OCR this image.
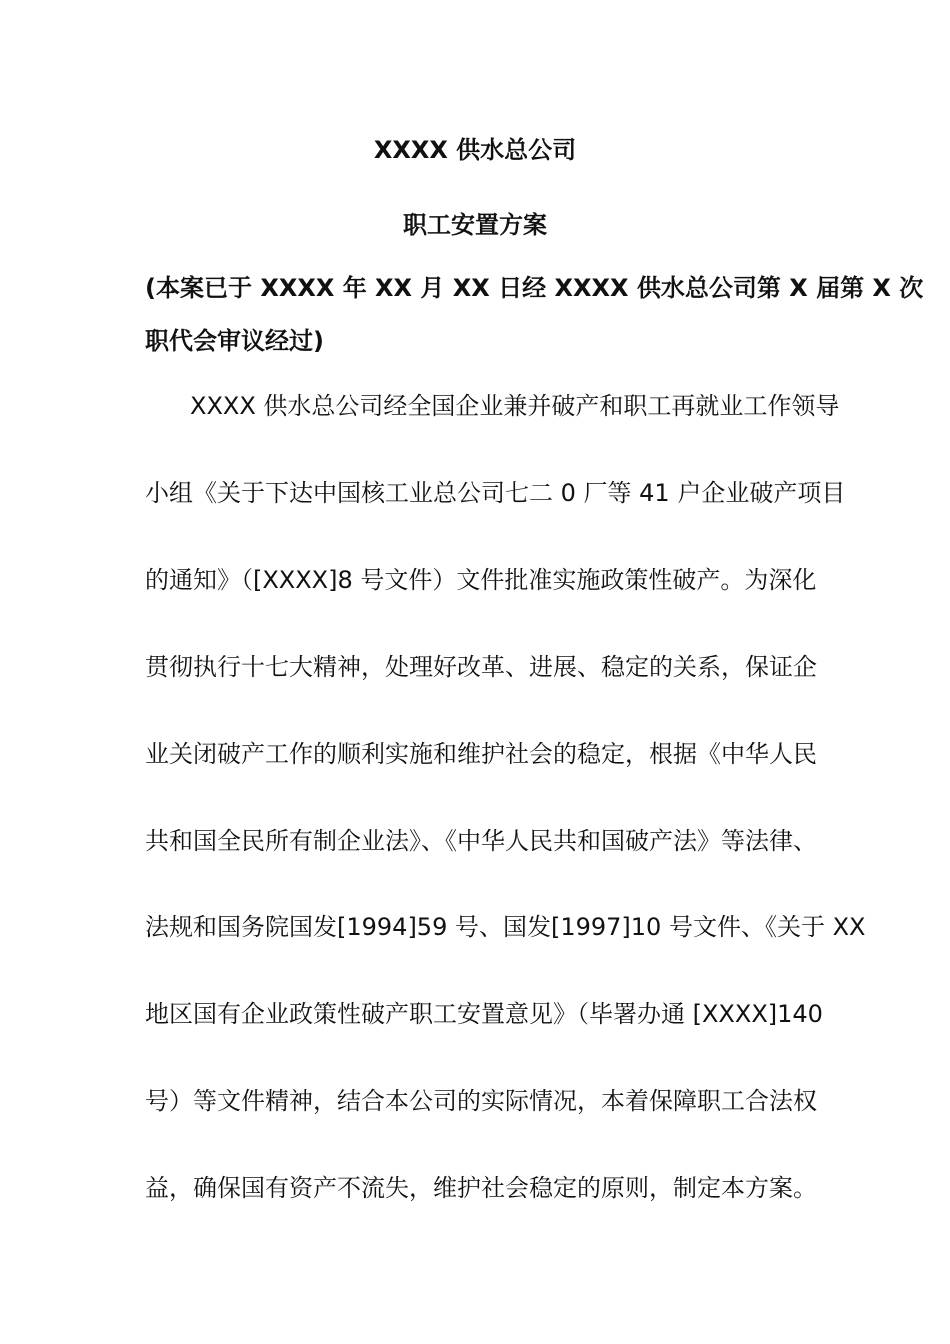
XXXX 供水总公司
职工安置方案
(本案已于 XXXX 年 XX 月 XX 日经 XXXX 供水总公司第 X 届第 X 次
职代会审议经过)
XXXX 供水总公司经全国企业兼并破产和职工再就业工作领导
小组《关于下达中国核工业总公司七二 0 厂等 41 户企业破产项目
的通知》（[XXXX]8 号文件）文件批准实施政策性破产。为深化
贯彻执行十七大精神，处理好改革、进展、稳定的关系，保证企
业关闭破产工作的顺利实施和维护社会的稳定，根据《中华人民
共和国全民所有制企业法》、《中华人民共和国破产法》等法律、
法规和国务院国发[1994]59 号、国发[1997]10 号文件、《关于 XX
地区国有企业政策性破产职工安置意见》（毕署办通 [XXXX]140
号）等文件精神，结合本公司的实际情况，本着保障职工合法权
益，确保国有资产不流失，维护社会稳定的原则，制定本方案。
